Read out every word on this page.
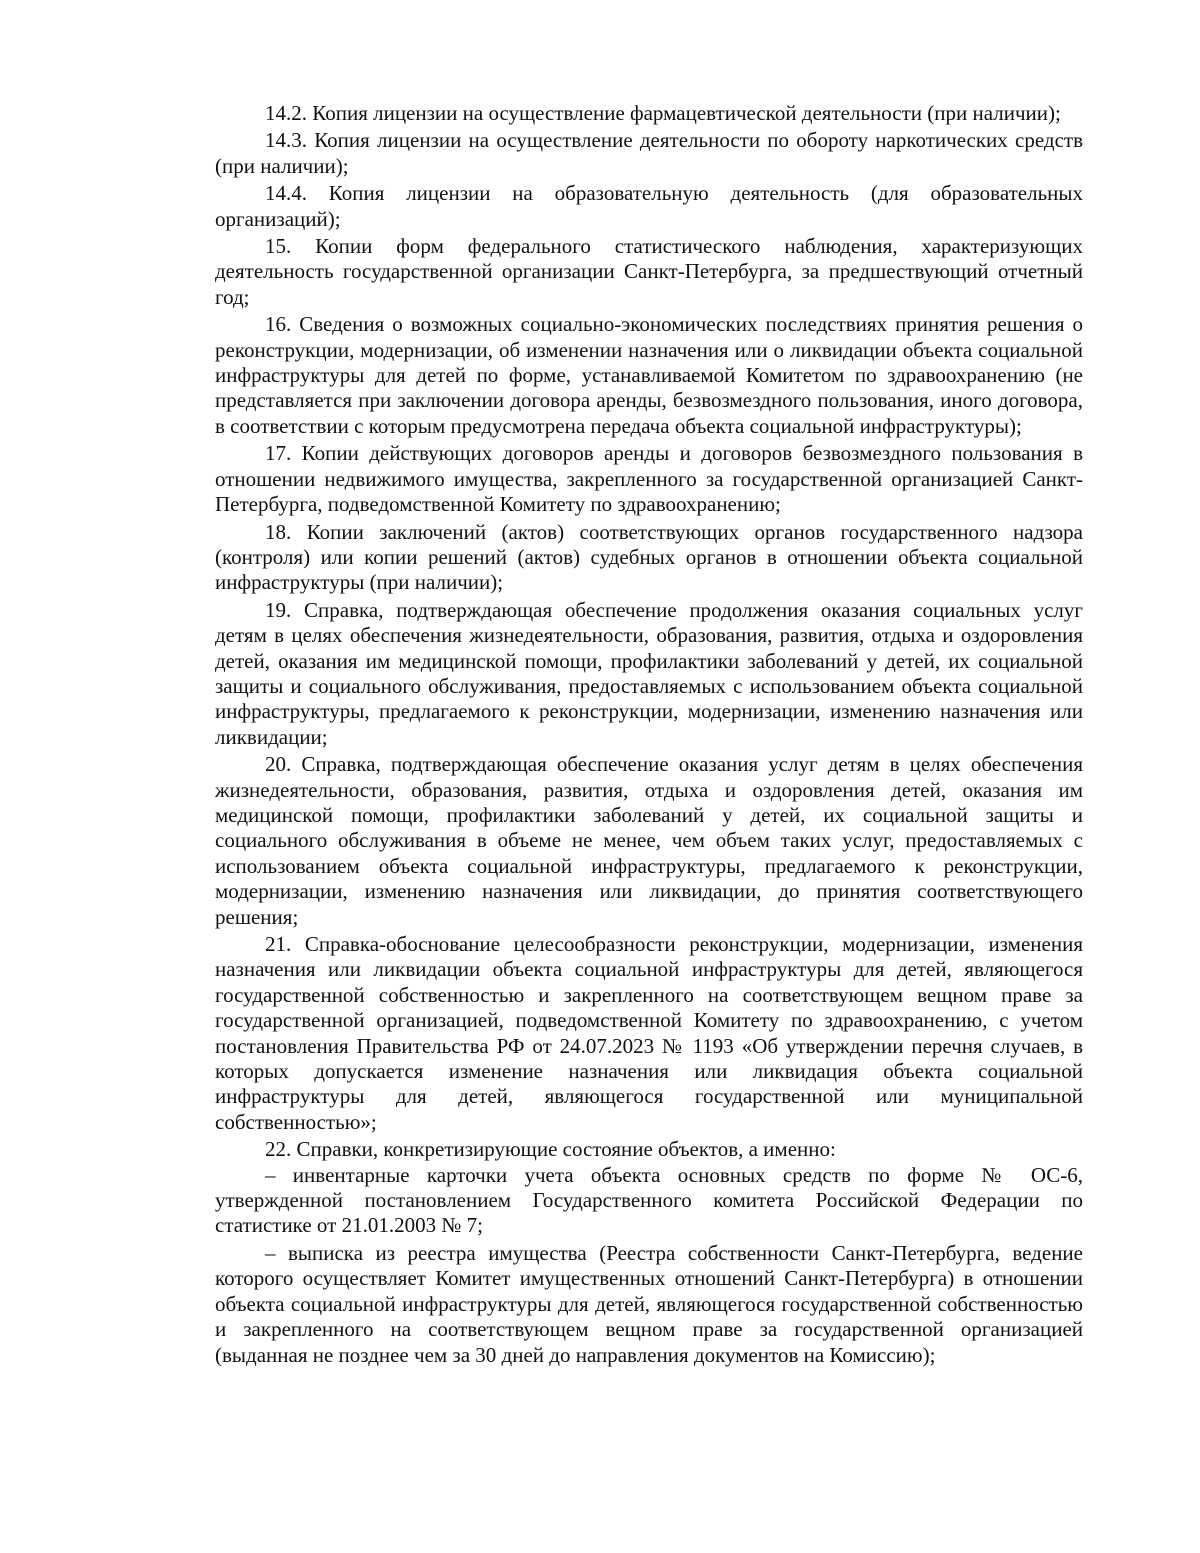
14.2. Копия лицензии на осуществление фармацевтической деятельности (при наличии);

14.3. Копия лицензии на осуществление деятельности по обороту наркотических средств (при наличии);

14.4. Копия лицензии на образовательную деятельность (для образовательных организаций);

15. Копии форм федерального статистического наблюдения, характеризующих деятельность государственной организации Санкт-Петербурга, за предшествующий отчетный год;

16. Сведения о возможных социально-экономических последствиях принятия решения о реконструкции, модернизации, об изменении назначения или о ликвидации объекта социальной инфраструктуры для детей по форме, устанавливаемой Комитетом по здравоохранению (не представляется при заключении договора аренды, безвозмездного пользования, иного договора, в соответствии с которым предусмотрена передача объекта социальной инфраструктуры);

17. Копии действующих договоров аренды и договоров безвозмездного пользования в отношении недвижимого имущества, закрепленного за государственной организацией Санкт-Петербурга, подведомственной Комитету по здравоохранению;

18. Копии заключений (актов) соответствующих органов государственного надзора (контроля) или копии решений (актов) судебных органов в отношении объекта социальной инфраструктуры (при наличии);

19. Справка, подтверждающая обеспечение продолжения оказания социальных услуг детям в целях обеспечения жизнедеятельности, образования, развития, отдыха и оздоровления детей, оказания им медицинской помощи, профилактики заболеваний у детей, их социальной защиты и социального обслуживания, предоставляемых с использованием объекта социальной инфраструктуры, предлагаемого к реконструкции, модернизации, изменению назначения или ликвидации;

20. Справка, подтверждающая обеспечение оказания услуг детям в целях обеспечения жизнедеятельности, образования, развития, отдыха и оздоровления детей, оказания им медицинской помощи, профилактики заболеваний у детей, их социальной защиты и социального обслуживания в объеме не менее, чем объем таких услуг, предоставляемых с использованием объекта социальной инфраструктуры, предлагаемого к реконструкции, модернизации, изменению назначения или ликвидации, до принятия соответствующего решения;

21. Справка-обоснование целесообразности реконструкции, модернизации, изменения назначения или ликвидации объекта социальной инфраструктуры для детей, являющегося государственной собственностью и закрепленного на соответствующем вещном праве за государственной организацией, подведомственной Комитету по здравоохранению, с учетом постановления Правительства РФ от 24.07.2023 № 1193 «Об утверждении перечня случаев, в которых допускается изменение назначения или ликвидация объекта социальной инфраструктуры для детей, являющегося государственной или муниципальной собственностью»;

22. Справки, конкретизирующие состояние объектов, а именно:

– инвентарные карточки учета объекта основных средств по форме № ОС-6, утвержденной постановлением Государственного комитета Российской Федерации по статистике от 21.01.2003 № 7;

– выписка из реестра имущества (Реестра собственности Санкт-Петербурга, ведение которого осуществляет Комитет имущественных отношений Санкт-Петербурга) в отношении объекта социальной инфраструктуры для детей, являющегося государственной собственностью и закрепленного на соответствующем вещном праве за государственной организацией (выданная не позднее чем за 30 дней до направления документов на Комиссию);
